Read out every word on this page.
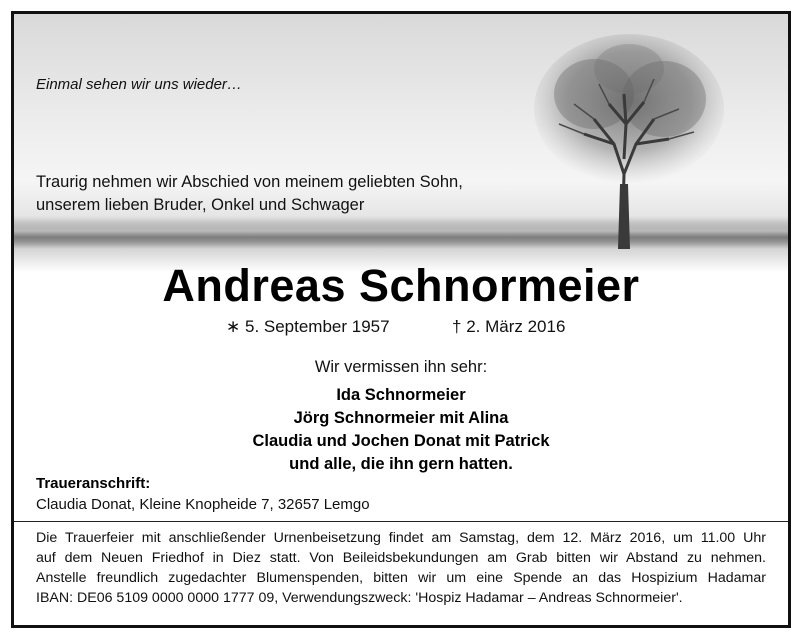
Einmal sehen wir uns wieder…
Traurig nehmen wir Abschied von meinem geliebten Sohn,
unserem lieben Bruder, Onkel und Schwager
Andreas Schnormeier
∗ 5. September 1957	† 2. März 2016
Wir vermissen ihn sehr:
Ida Schnormeier
Jörg Schnormeier mit Alina
Claudia und Jochen Donat mit Patrick
und alle, die ihn gern hatten.
Traueranschrift:
Claudia Donat, Kleine Knopheide 7, 32657 Lemgo
Die Trauerfeier mit anschließender Urnenbeisetzung findet am Samstag, dem 12. März 2016, um 11.00 Uhr
auf dem Neuen Friedhof in Diez statt. Von Beileidsbekundungen am Grab bitten wir Abstand zu nehmen.
Anstelle freundlich zugedachter Blumenspenden, bitten wir um eine Spende an das Hospizium Hadamar
IBAN: DE06 5109 0000 0000 1777 09, Verwendungszweck: 'Hospiz Hadamar – Andreas Schnormeier'.
